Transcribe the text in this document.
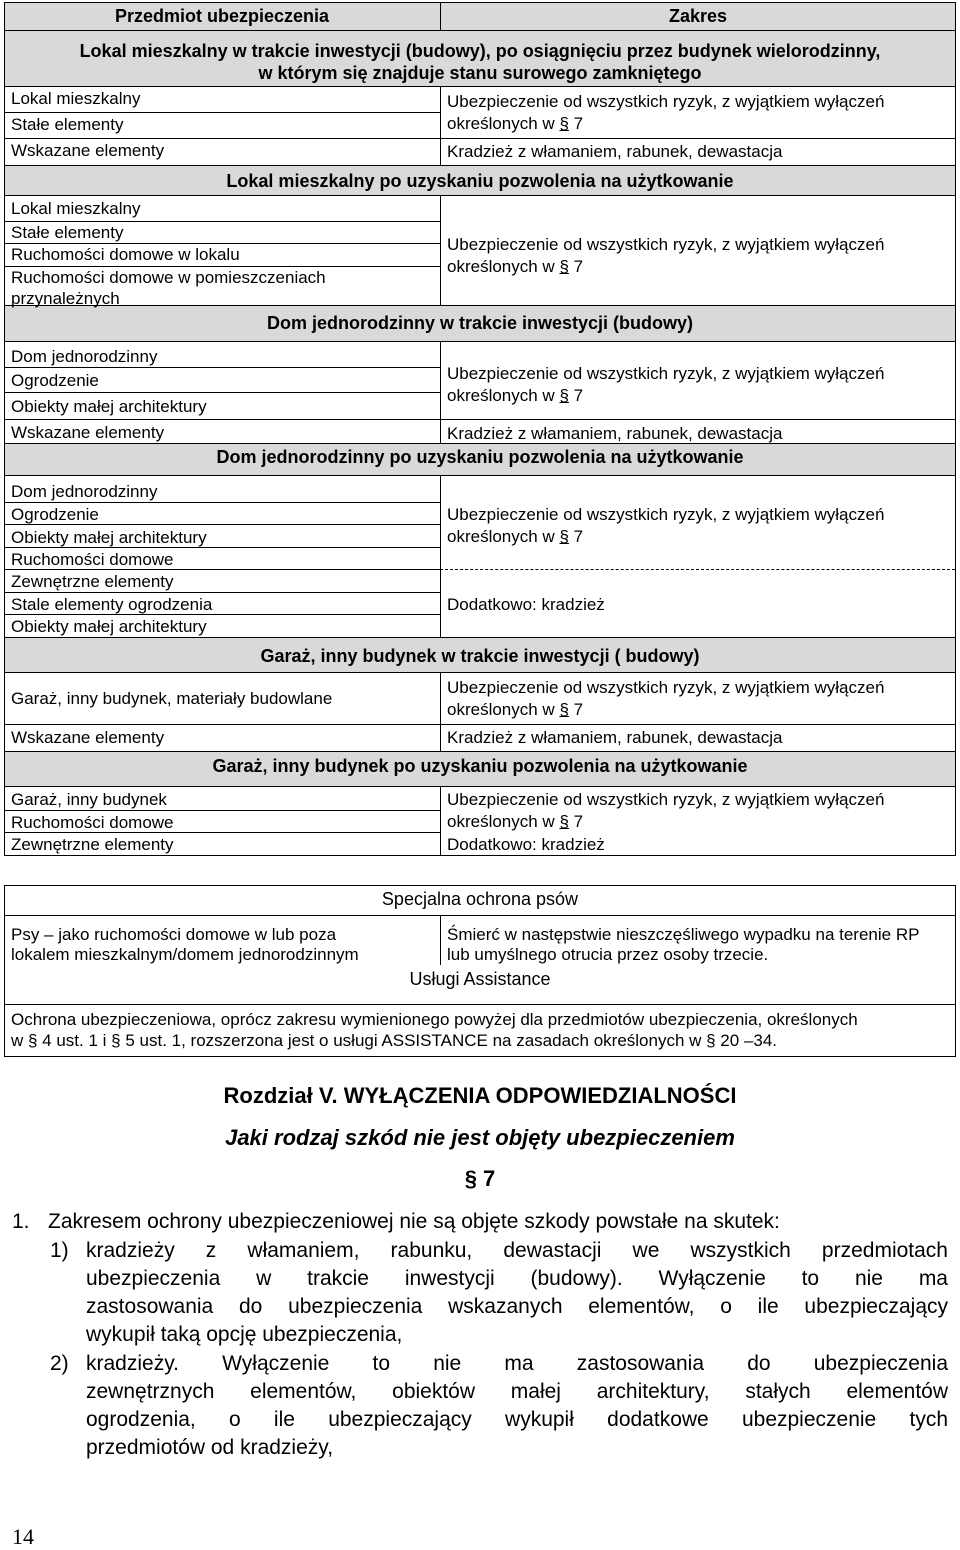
Przedmiot ubezpieczenia	Zakres
Lokal mieszkalny w trakcie inwestycji (budowy), po osiągnięciu przez budynek wielorodzinny,
w którym się znajduje stanu surowego zamkniętego
Lokal mieszkalny
Stałe elementy
Wskazane elementy
Ubezpieczenie od wszystkich ryzyk, z wyjątkiem wyłączeń
określonych w § 7
Kradzież z włamaniem, rabunek, dewastacja
Lokal mieszkalny po uzyskaniu pozwolenia na użytkowanie
Lokal mieszkalny
Stałe elementy
Ruchomości domowe w lokalu
Ruchomości domowe w pomieszczeniach
przynależnych
Ubezpieczenie od wszystkich ryzyk, z wyjątkiem wyłączeń
określonych w § 7
Dom jednorodzinny w trakcie inwestycji (budowy)
Dom jednorodzinny
Ogrodzenie
Obiekty małej architektury
Wskazane elementy
Ubezpieczenie od wszystkich ryzyk, z wyjątkiem wyłączeń
określonych w § 7
Kradzież z włamaniem, rabunek, dewastacja
Dom jednorodzinny po uzyskaniu pozwolenia na użytkowanie
Dom jednorodzinny
Ogrodzenie
Obiekty małej architektury
Ruchomości domowe
Zewnętrzne elementy
Stale elementy ogrodzenia
Obiekty małej architektury
Ubezpieczenie od wszystkich ryzyk, z wyjątkiem wyłączeń
określonych w § 7
Dodatkowo: kradzież
Garaż, inny budynek w trakcie inwestycji ( budowy)
Garaż, inny budynek, materiały budowlane
Wskazane elementy
Ubezpieczenie od wszystkich ryzyk, z wyjątkiem wyłączeń
określonych w § 7
Kradzież z włamaniem, rabunek, dewastacja
Garaż, inny budynek po uzyskaniu pozwolenia na użytkowanie
Garaż, inny budynek
Ruchomości domowe
Zewnętrzne elementy
Ubezpieczenie od wszystkich ryzyk, z wyjątkiem wyłączeń
określonych w § 7
Dodatkowo: kradzież
Specjalna ochrona psów
Psy – jako ruchomości domowe w lub poza
lokalem mieszkalnym/domem jednorodzinnym
Śmierć w następstwie nieszczęśliwego wypadku na terenie RP
lub umyślnego otrucia przez osoby trzecie.
Usługi Assistance
Ochrona ubezpieczeniowa, oprócz zakresu wymienionego powyżej dla przedmiotów ubezpieczenia, określonych
w § 4 ust. 1 i § 5 ust. 1, rozszerzona jest o usługi ASSISTANCE na zasadach określonych w § 20 –34.
Rozdział V. WYŁĄCZENIA ODPOWIEDZIALNOŚCI
Jaki rodzaj szkód nie jest objęty ubezpieczeniem
§ 7
1. Zakresem ochrony ubezpieczeniowej nie są objęte szkody powstałe na skutek:
1) kradzieży z włamaniem, rabunku, dewastacji we wszystkich przedmiotach
ubezpieczenia w trakcie inwestycji (budowy). Wyłączenie to nie ma
zastosowania do ubezpieczenia wskazanych elementów, o ile ubezpieczający
wykupił taką opcję ubezpieczenia,
2) kradzieży. Wyłączenie to nie ma zastosowania do ubezpieczenia
zewnętrznych elementów, obiektów małej architektury, stałych elementów
ogrodzenia, o ile ubezpieczający wykupił dodatkowe ubezpieczenie tych
przedmiotów od kradzieży,
14
